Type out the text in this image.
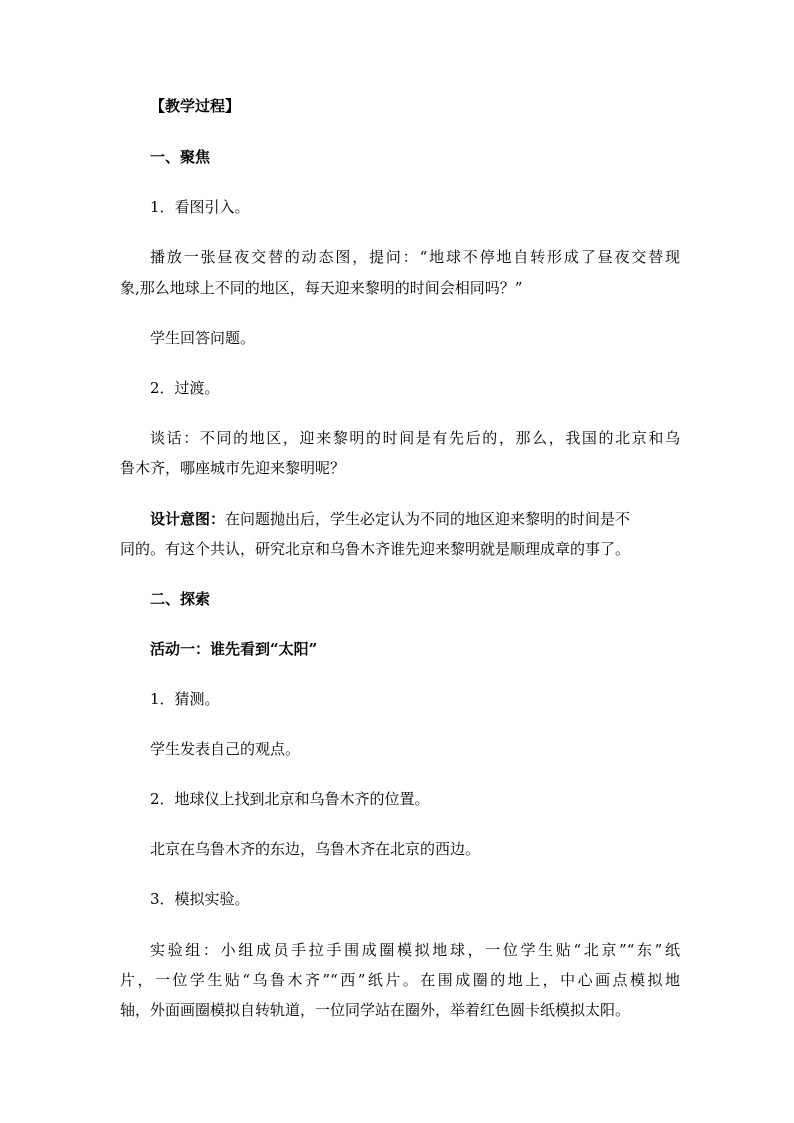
【教学过程】
一、聚焦
1．看图引入。
播放一张昼夜交替的动态图，提问：“地球不停地自转形成了昼夜交替现
象,那么地球上不同的地区，每天迎来黎明的时间会相同吗？”
学生回答问题。
2．过渡。
谈话：不同的地区，迎来黎明的时间是有先后的，那么，我国的北京和乌
鲁木齐，哪座城市先迎来黎明呢？
设计意图：在问题抛出后，学生必定认为不同的地区迎来黎明的时间是不
同的。有这个共认，研究北京和乌鲁木齐谁先迎来黎明就是顺理成章的事了。
二、探索
活动一：谁先看到“太阳”
1．猜测。
学生发表自己的观点。
2．地球仪上找到北京和乌鲁木齐的位置。
北京在乌鲁木齐的东边，乌鲁木齐在北京的西边。
3．模拟实验。
实验组：小组成员手拉手围成圈模拟地球，一位学生贴“北京”“东”纸
片，一位学生贴“乌鲁木齐”“西”纸片。在围成圈的地上，中心画点模拟地
轴，外面画圈模拟自转轨道，一位同学站在圈外，举着红色圆卡纸模拟太阳。
